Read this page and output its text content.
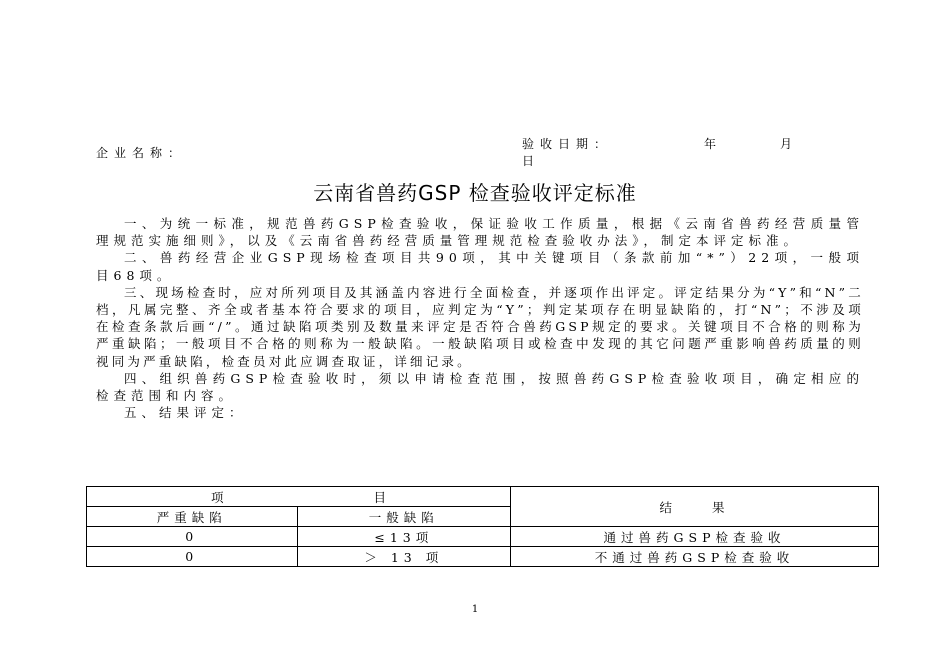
企业名称：
验收日期：	年	月
日
云南省兽药GSP 检查验收评定标准

一、为统一标准，规范兽药GSP检查验收，保证验收工作质量，根据《云南省兽药经营质量管理规范实施细则》，以及《云南省兽药经营质量管理规范检查验收办法》，制定本评定标准。

二、兽药经营企业GSP现场检查项目共90项，其中关键项目（条款前加“*”）22项，一般项目68项。

三、现场检查时，应对所列项目及其涵盖内容进行全面检查，并逐项作出评定。评定结果分为“Y”和“N”二档，凡属完整、齐全或者基本符合要求的项目，应判定为“Y”；判定某项存在明显缺陷的，打“N”；不涉及项在检查条款后画“/”。通过缺陷项类别及数量来评定是否符合兽药GSP规定的要求。关键项目不合格的则称为严重缺陷；一般项目不合格的则称为一般缺陷。一般缺陷项目或检查中发现的其它问题严重影响兽药质量的则视同为严重缺陷，检查员对此应调查取证，详细记录。

四、组织兽药GSP检查验收时，须以申请检查范围，按照兽药GSP检查验收项目，确定相应的检查范围和内容。

五、结果评定：

项 目		结　　果
严重缺陷	一般缺陷	
0	≤13项	通过兽药GSP检查验收
0	＞ 13 项	不通过兽药GSP检查验收
1
